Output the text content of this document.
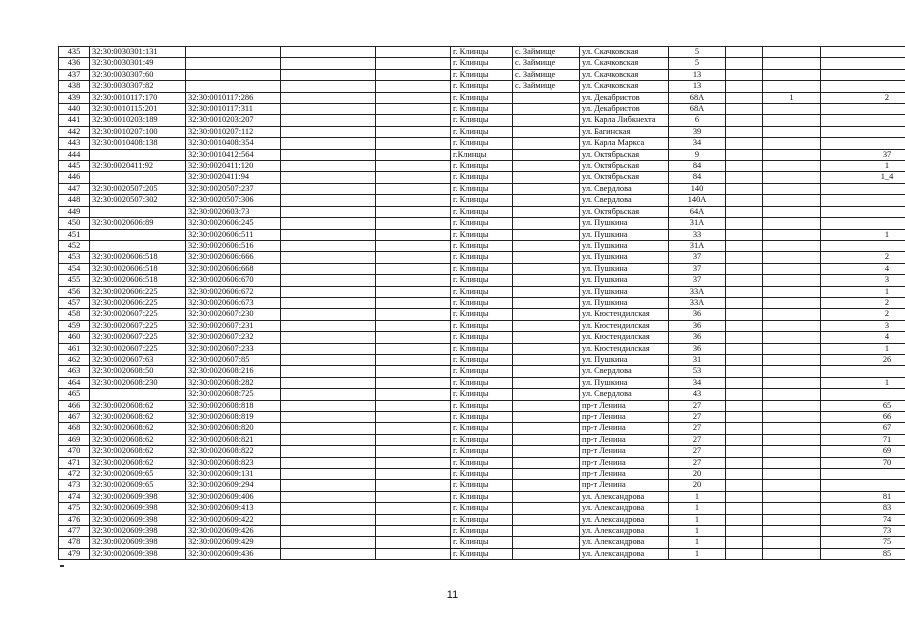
435	32:30:0030301:131				г. Клинцы	с. Займище	ул. Скачковская	5			
436	32:30:0030301:49				г. Клинцы	с. Займище	ул. Скачковская	5			
437	32:30:0030307:60				г. Клинцы	с. Займище	ул. Скачковская	13			
438	32:30:0030307:82				г. Клинцы	с. Займище	ул. Скачковская	13			
439	32:30:0010117:170	32:30:0010117:286			г. Клинцы		ул. Декабристов	68А		1	2
440	32:30:0010115:201	32:30:0010117:311			г. Клинцы		ул. Декабристов	68А			
441	32:30:0010203:189	32:30:0010203:207			г. Клинцы		ул. Карла Либкнехта	6			
442	32:30:0010207:100	32:30:0010207:112			г. Клинцы		ул. Багинская	39			
443	32:30:0010408:138	32:30:0010408:354			г. Клинцы		ул. Карла Маркса	34			
444		32:30:0010412:564			г.Клинцы		ул. Октябрьская	9			37
445	32:30:0020411:92	32:30:0020411:120			г. Клинцы		ул. Октябрьская	84			1
446		32:30:0020411:94			г. Клинцы		ул. Октябрьская	84			1_4
447	32:30:0020507:205	32:30:0020507:237			г. Клинцы		ул. Свердлова	140			
448	32:30:0020507:302	32:30:0020507:306			г. Клинцы		ул. Свердлова	140А			
449		32:30:0020603:73			г. Клинцы		ул. Октябрьская	64А			
450	32:30:0020606:89	32:30:0020606:245			г. Клинцы		ул. Пушкина	31А			
451		32:30:0020606:511			г. Клинцы		ул. Пушкина	33			1
452		32:30:0020606:516			г. Клинцы		ул. Пушкина	31А			
453	32:30:0020606:518	32:30:0020606:666			г. Клинцы		ул. Пушкина	37			2
454	32:30:0020606:518	32:30:0020606:668			г. Клинцы		ул. Пушкина	37			4
455	32:30:0020606:518	32:30:0020606:670			г. Клинцы		ул. Пушкина	37			3
456	32:30:0020606:225	32:30:0020606:672			г. Клинцы		ул. Пушкина	33А			1
457	32:30:0020606:225	32:30:0020606:673			г. Клинцы		ул. Пушкина	33А			2
458	32:30:0020607:225	32:30:0020607:230			г. Клинцы		ул. Кюстендилская	36			2
459	32:30:0020607:225	32:30:0020607:231			г. Клинцы		ул. Кюстендилская	36			3
460	32:30:0020607:225	32:30:0020607:232			г. Клинцы		ул. Кюстендилская	36			4
461	32:30:0020607:225	32:30:0020607:233			г. Клинцы		ул. Кюстендилская	36			1
462	32:30:0020607:63	32:30:0020607:85			г. Клинцы		ул. Пушкина	31			26
463	32:30:0020608:50	32:30:0020608:216			г. Клинцы		ул. Свердлова	53			
464	32:30:0020608:230	32:30:0020608:282			г. Клинцы		ул. Пушкина	34			1
465		32:30:0020608:725			г. Клинцы		ул. Свердлова	43			
466	32:30:0020608:62	32:30:0020608:818			г. Клинцы		пр-т Ленина	27			65
467	32:30:0020608:62	32:30:0020608:819			г. Клинцы		пр-т Ленина	27			66
468	32:30:0020608:62	32:30:0020608:820			г. Клинцы		пр-т Ленина	27			67
469	32:30:0020608:62	32:30:0020608:821			г. Клинцы		пр-т Ленина	27			71
470	32:30:0020608:62	32:30:0020608:822			г. Клинцы		пр-т Ленина	27			69
471	32:30:0020608:62	32:30:0020608:823			г. Клинцы		пр-т Ленина	27			70
472	32:30:0020609:65	32:30:0020609:131			г. Клинцы		пр-т Ленина	20			
473	32:30:0020609:65	32:30:0020609:294			г. Клинцы		пр-т Ленина	20			
474	32:30:0020609:398	32:30:0020609:406			г. Клинцы		ул. Александрова	1			81
475	32:30:0020609:398	32:30:0020609:413			г. Клинцы		ул. Александрова	1			83
476	32:30:0020609:398	32:30:0020609:422			г. Клинцы		ул. Александрова	1			74
477	32:30:0020609:398	32:30:0020609:426			г. Клинцы		ул. Александрова	1			73
478	32:30:0020609:398	32:30:0020609:429			г. Клинцы		ул. Александрова	1			75
479	32:30:0020609:398	32:30:0020609:436			г. Клинцы		ул. Александрова	1			85
11
